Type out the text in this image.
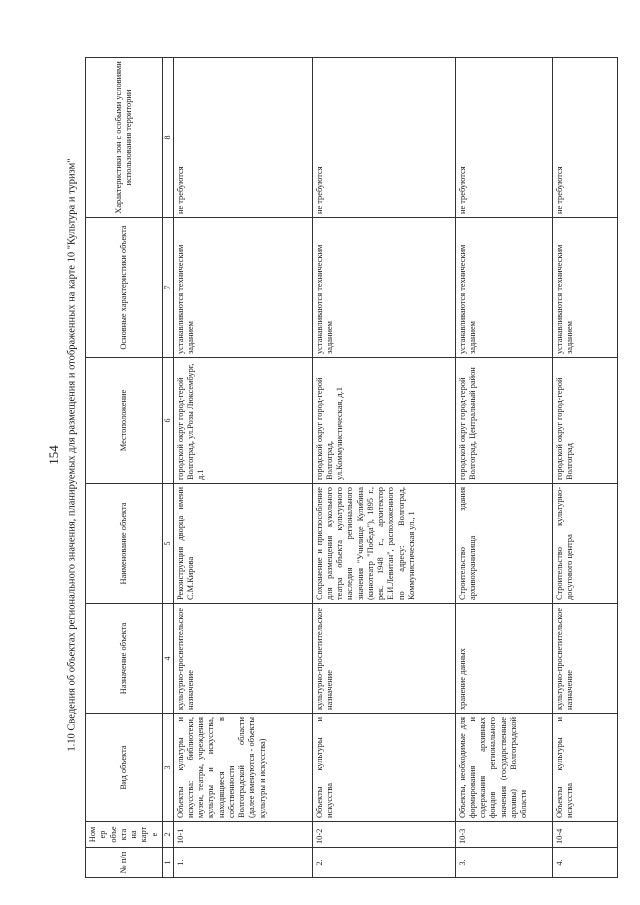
154 1.10 Сведения об объектах регионального значения, планируемых для размещения и отображенных на карте 10 "Культура и туризм"
№ п/п	Номер объекта на карте	Вид объекта	Назначение объекта	Наименование объекта	Местоположение	Основные характеристики объекта	Характеристики зон с особыми условиями использования территории
1	2	3	4	5	6	7	8
1.	10-1	Объекты культуры и искусства: библиотеки, музеи, театры, учреждения культуры и искусства, находящиеся в собственности Волгоградской области (далее именуются - объекты культуры и искусства)	культурно-просветительское назначение	Реконструкция дворца имени С.М.Кирова	городской округ город-герой Волгоград, ул.Розы Люксембург, д.1	устанавливаются техническим заданием	не требуются
2.	10-2	Объекты культуры и искусства	культурно-просветительское назначение	Сохранение и приспособление для размещения кукольного театра объекта культурного наследия регионального значения "Училище Кулибина (кинотеатр "Победа"), 1895 г., рек. 1948 г., архитектор Е.И.Левитан", расположенного по адресу: Волгоград, Коммунистическая ул., 1	городской округ город-герой Волгоград, ул.Коммунистическая, д.1	устанавливаются техническим заданием	не требуются
3.	10-3	Объекты, необходимые для формирования и содержания архивных фондов регионального значения (государственные архивы) Волгоградской области	хранение данных	Строительство здания архивохранилища	городской округ город-герой Волгоград, Центральный район	устанавливаются техническим заданием	не требуются
4.	10-4	Объекты культуры и искусства	культурно-просветительское назначение	Строительство культурно-досугового центра	городской округ город-герой Волгоград	устанавливаются техническим заданием	не требуются
